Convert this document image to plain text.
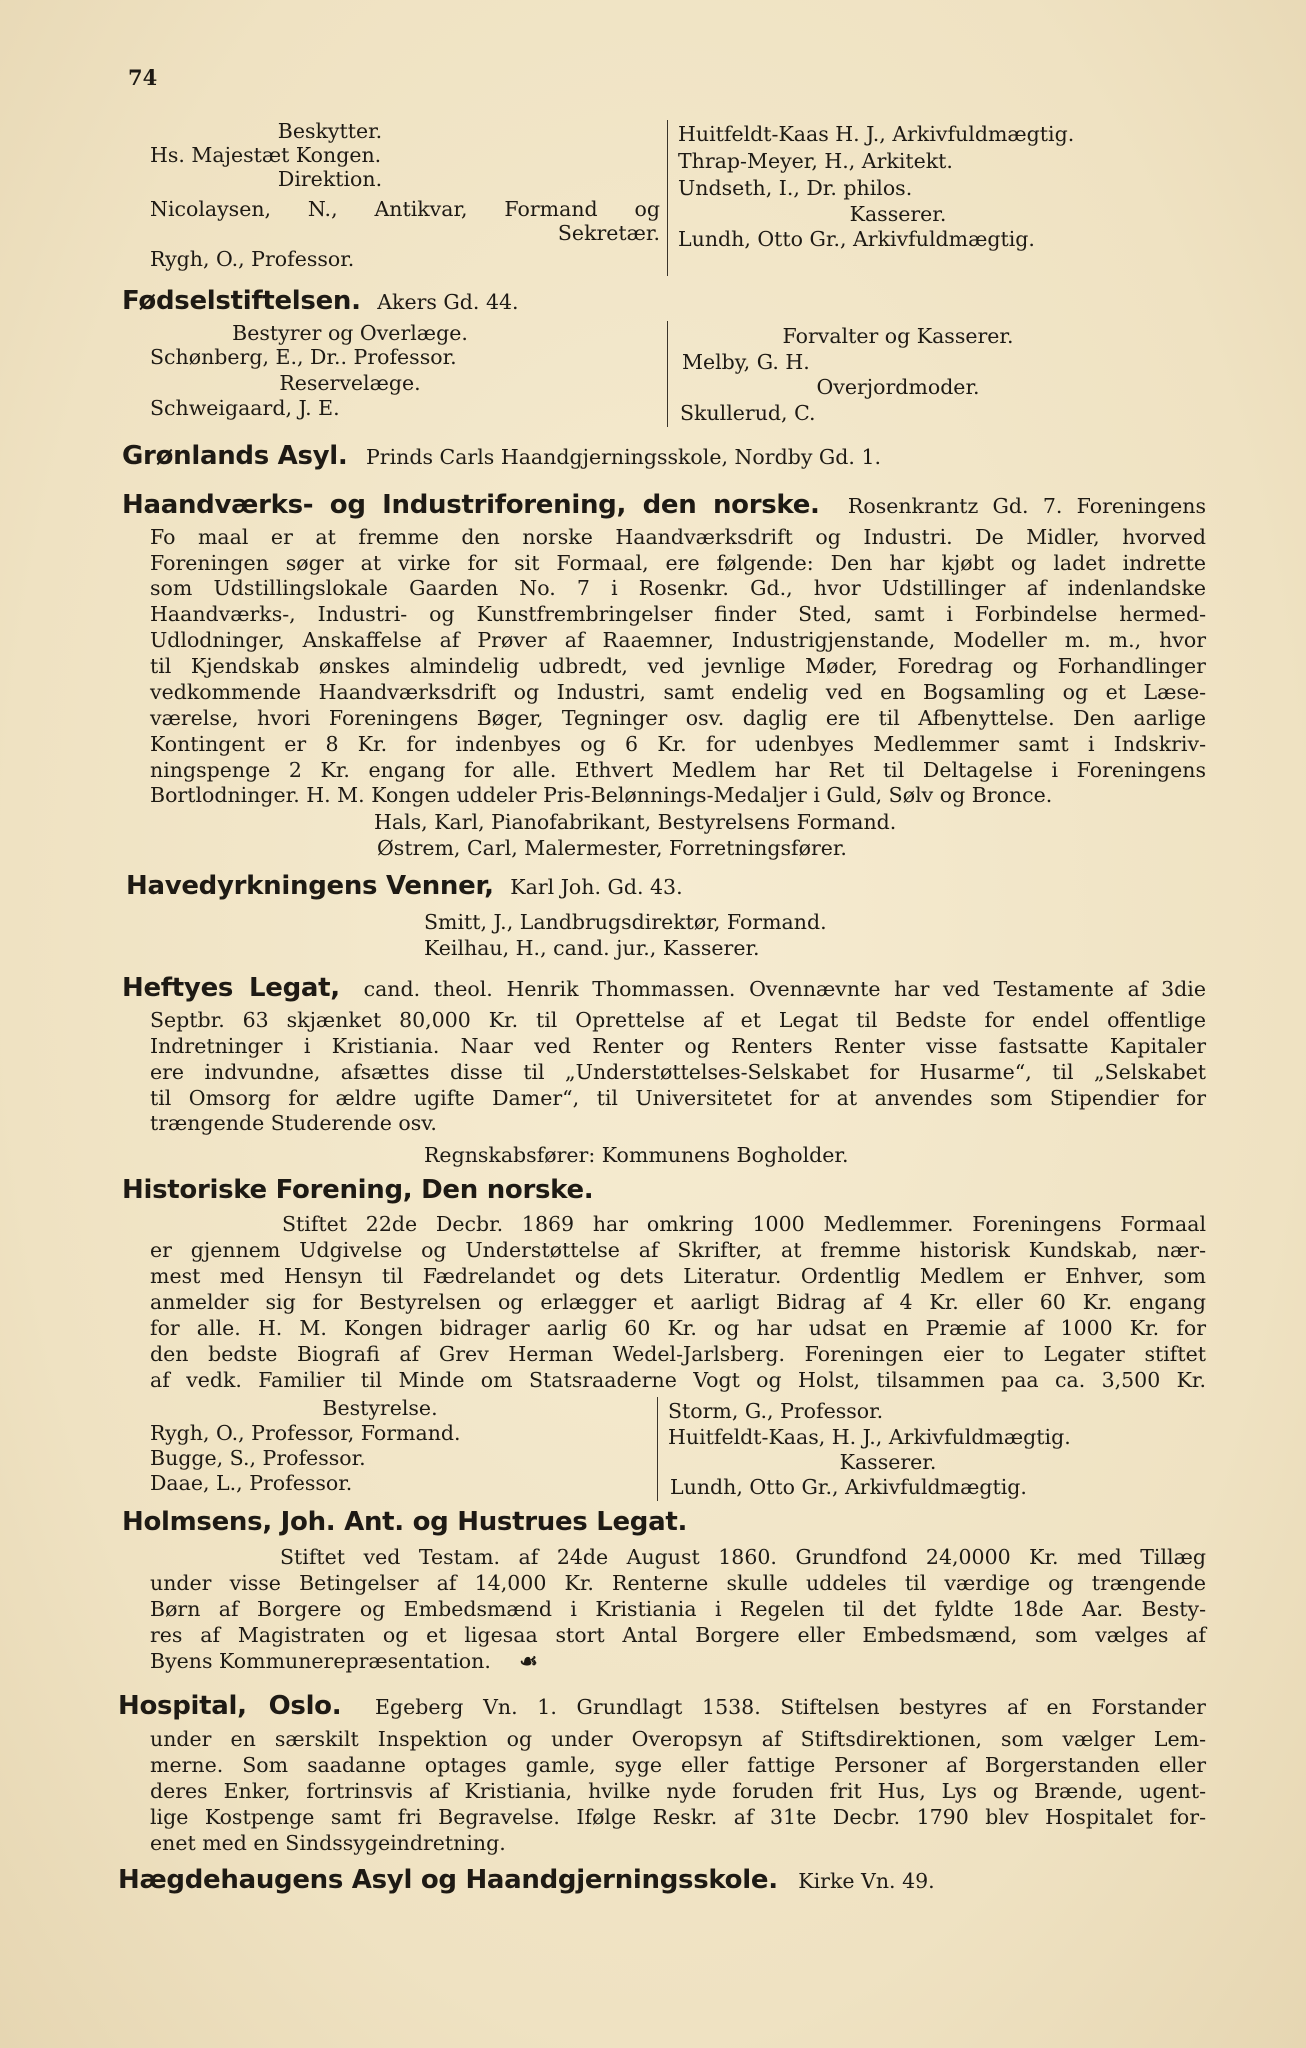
74
Beskytter.
Hs. Majestæt Kongen.
Direktion.
Nicolaysen, N., Antikvar, Formand og
Sekretær.
Rygh, O., Professor.
Huitfeldt-Kaas H. J., Arkivfuldmægtig.
Thrap-Meyer, H., Arkitekt.
Undseth, I., Dr. philos.
Kasserer.
Lundh, Otto Gr., Arkivfuldmægtig.
Fødselstiftelsen. Akers Gd. 44.
Bestyrer og Overlæge.
Schønberg, E., Dr.. Professor.
Reservelæge.
Schweigaard, J. E.
Forvalter og Kasserer.
Melby, G. H.
Overjordmoder.
Skullerud, C.
Grønlands Asyl. Prinds Carls Haandgjerningsskole, Nordby Gd. 1.
Haandværks- og Industriforening, den norske. Rosenkrantz Gd. 7. Foreningens
Fo maal er at fremme den norske Haandværksdrift og Industri. De Midler, hvorved
Foreningen søger at virke for sit Formaal, ere følgende: Den har kjøbt og ladet indrette
som Udstillingslokale Gaarden No. 7 i Rosenkr. Gd., hvor Udstillinger af indenlandske
Haandværks-, Industri- og Kunstfrembringelser finder Sted, samt i Forbindelse hermed-
Udlodninger, Anskaffelse af Prøver af Raaemner, Industrigjenstande, Modeller m. m., hvor
til Kjendskab ønskes almindelig udbredt, ved jevnlige Møder, Foredrag og Forhandlinger
vedkommende Haandværksdrift og Industri, samt endelig ved en Bogsamling og et Læse-
værelse, hvori Foreningens Bøger, Tegninger osv. daglig ere til Afbenyttelse. Den aarlige
Kontingent er 8 Kr. for indenbyes og 6 Kr. for udenbyes Medlemmer samt i Indskriv-
ningspenge 2 Kr. engang for alle. Ethvert Medlem har Ret til Deltagelse i Foreningens
Bortlodninger. H. M. Kongen uddeler Pris-Belønnings-Medaljer i Guld, Sølv og Bronce.
Hals, Karl, Pianofabrikant, Bestyrelsens Formand.
Østrem, Carl, Malermester, Forretningsfører.
Havedyrkningens Venner, Karl Joh. Gd. 43.
Smitt, J., Landbrugsdirektør, Formand.
Keilhau, H., cand. jur., Kasserer.
Heftyes Legat, cand. theol. Henrik Thommassen. Ovennævnte har ved Testamente af 3die
Septbr. 63 skjænket 80,000 Kr. til Oprettelse af et Legat til Bedste for endel offentlige
Indretninger i Kristiania. Naar ved Renter og Renters Renter visse fastsatte Kapitaler
ere indvundne, afsættes disse til „Understøttelses-Selskabet for Husarme“, til „Selskabet
til Omsorg for ældre ugifte Damer“, til Universitetet for at anvendes som Stipendier for
trængende Studerende osv.
Regnskabsfører: Kommunens Bogholder.
Historiske Forening, Den norske.
Stiftet 22de Decbr. 1869 har omkring 1000 Medlemmer. Foreningens Formaal
er gjennem Udgivelse og Understøttelse af Skrifter, at fremme historisk Kundskab, nær-
mest med Hensyn til Fædrelandet og dets Literatur. Ordentlig Medlem er Enhver, som
anmelder sig for Bestyrelsen og erlægger et aarligt Bidrag af 4 Kr. eller 60 Kr. engang
for alle. H. M. Kongen bidrager aarlig 60 Kr. og har udsat en Præmie af 1000 Kr. for
den bedste Biografi af Grev Herman Wedel-Jarlsberg. Foreningen eier to Legater stiftet
af vedk. Familier til Minde om Statsraaderne Vogt og Holst, tilsammen paa ca. 3,500 Kr.
Bestyrelse.
Rygh, O., Professor, Formand.
Bugge, S., Professor.
Daae, L., Professor.
Storm, G., Professor.
Huitfeldt-Kaas, H. J., Arkivfuldmægtig.
Kasserer.
Lundh, Otto Gr., Arkivfuldmægtig.
Holmsens, Joh. Ant. og Hustrues Legat.
Stiftet ved Testam. af 24de August 1860. Grundfond 24,0000 Kr. med Tillæg
under visse Betingelser af 14,000 Kr. Renterne skulle uddeles til værdige og trængende
Børn af Borgere og Embedsmænd i Kristiania i Regelen til det fyldte 18de Aar. Besty-
res af Magistraten og et ligesaa stort Antal Borgere eller Embedsmænd, som vælges af
Byens Kommunerepræsentation. ☙
Hospital, Oslo. Egeberg Vn. 1. Grundlagt 1538. Stiftelsen bestyres af en Forstander
under en særskilt Inspektion og under Overopsyn af Stiftsdirektionen, som vælger Lem-
merne. Som saadanne optages gamle, syge eller fattige Personer af Borgerstanden eller
deres Enker, fortrinsvis af Kristiania, hvilke nyde foruden frit Hus, Lys og Brænde, ugent-
lige Kostpenge samt fri Begravelse. Ifølge Reskr. af 31te Decbr. 1790 blev Hospitalet for-
enet med en Sindssygeindretning.
Hægdehaugens Asyl og Haandgjerningsskole. Kirke Vn. 49.
